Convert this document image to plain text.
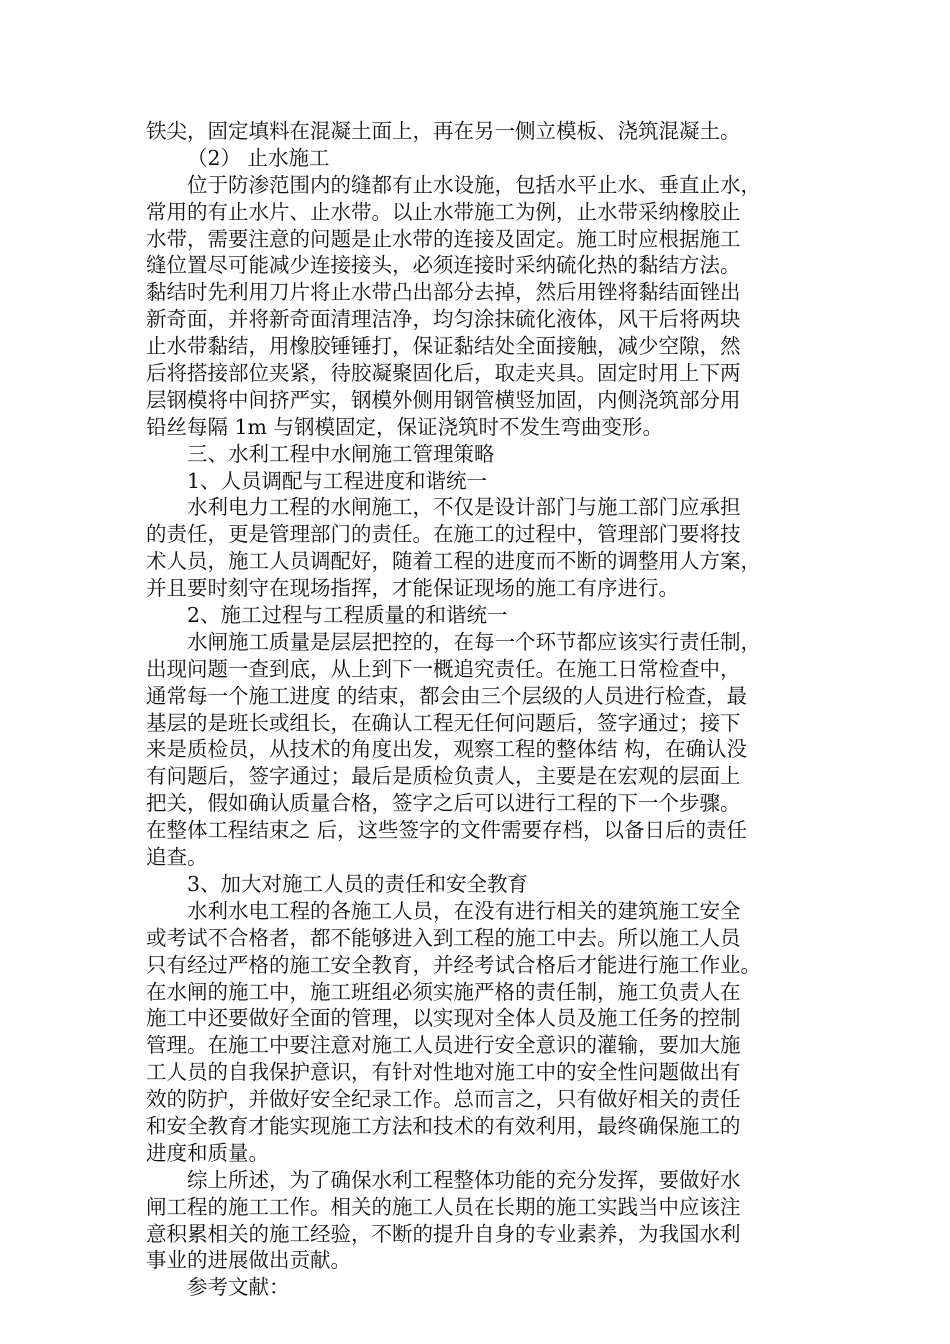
铁尖，固定填料在混凝土面上，再在另一侧立模板、浇筑混凝土。
（2） 止水施工
位于防渗范围内的缝都有止水设施，包括水平止水、垂直止水，
常用的有止水片、止水带。以止水带施工为例，止水带采纳橡胶止
水带，需要注意的问题是止水带的连接及固定。施工时应根据施工
缝位置尽可能减少连接接头，必须连接时采纳硫化热的黏结方法。
黏结时先利用刀片将止水带凸出部分去掉，然后用锉将黏结面锉出
新奇面，并将新奇面清理洁净，均匀涂抹硫化液体，风干后将两块
止水带黏结，用橡胶锤锤打，保证黏结处全面接触，减少空隙，然
后将搭接部位夹紧，待胶凝聚固化后，取走夹具。固定时用上下两
层钢模将中间挤严实，钢模外侧用钢管横竖加固，内侧浇筑部分用
铅丝每隔 1m 与钢模固定，保证浇筑时不发生弯曲变形。
三、水利工程中水闸施工管理策略
1、人员调配与工程进度和谐统一
水利电力工程的水闸施工，不仅是设计部门与施工部门应承担
的责任，更是管理部门的责任。在施工的过程中，管理部门要将技
术人员，施工人员调配好，随着工程的进度而不断的调整用人方案，
并且要时刻守在现场指挥，才能保证现场的施工有序进行。
2、施工过程与工程质量的和谐统一
水闸施工质量是层层把控的，在每一个环节都应该实行责任制，
出现问题一查到底，从上到下一概追究责任。在施工日常检查中，
通常每一个施工进度 的结束，都会由三个层级的人员进行检查，最
基层的是班长或组长，在确认工程无任何问题后，签字通过；接下
来是质检员，从技术的角度出发，观察工程的整体结 构，在确认没
有问题后，签字通过；最后是质检负责人，主要是在宏观的层面上
把关，假如确认质量合格，签字之后可以进行工程的下一个步骤。
在整体工程结束之 后，这些签字的文件需要存档，以备日后的责任
追查。
3、加大对施工人员的责任和安全教育
水利水电工程的各施工人员，在没有进行相关的建筑施工安全
或考试不合格者，都不能够进入到工程的施工中去。所以施工人员
只有经过严格的施工安全教育，并经考试合格后才能进行施工作业。
在水闸的施工中，施工班组必须实施严格的责任制，施工负责人在
施工中还要做好全面的管理，以实现对全体人员及施工任务的控制
管理。在施工中要注意对施工人员进行安全意识的灌输，要加大施
工人员的自我保护意识，有针对性地对施工中的安全性问题做出有
效的防护，并做好安全纪录工作。总而言之，只有做好相关的责任
和安全教育才能实现施工方法和技术的有效利用，最终确保施工的
进度和质量。
综上所述，为了确保水利工程整体功能的充分发挥，要做好水
闸工程的施工工作。相关的施工人员在长期的施工实践当中应该注
意积累相关的施工经验，不断的提升自身的专业素养，为我国水利
事业的进展做出贡献。
参考文献：
